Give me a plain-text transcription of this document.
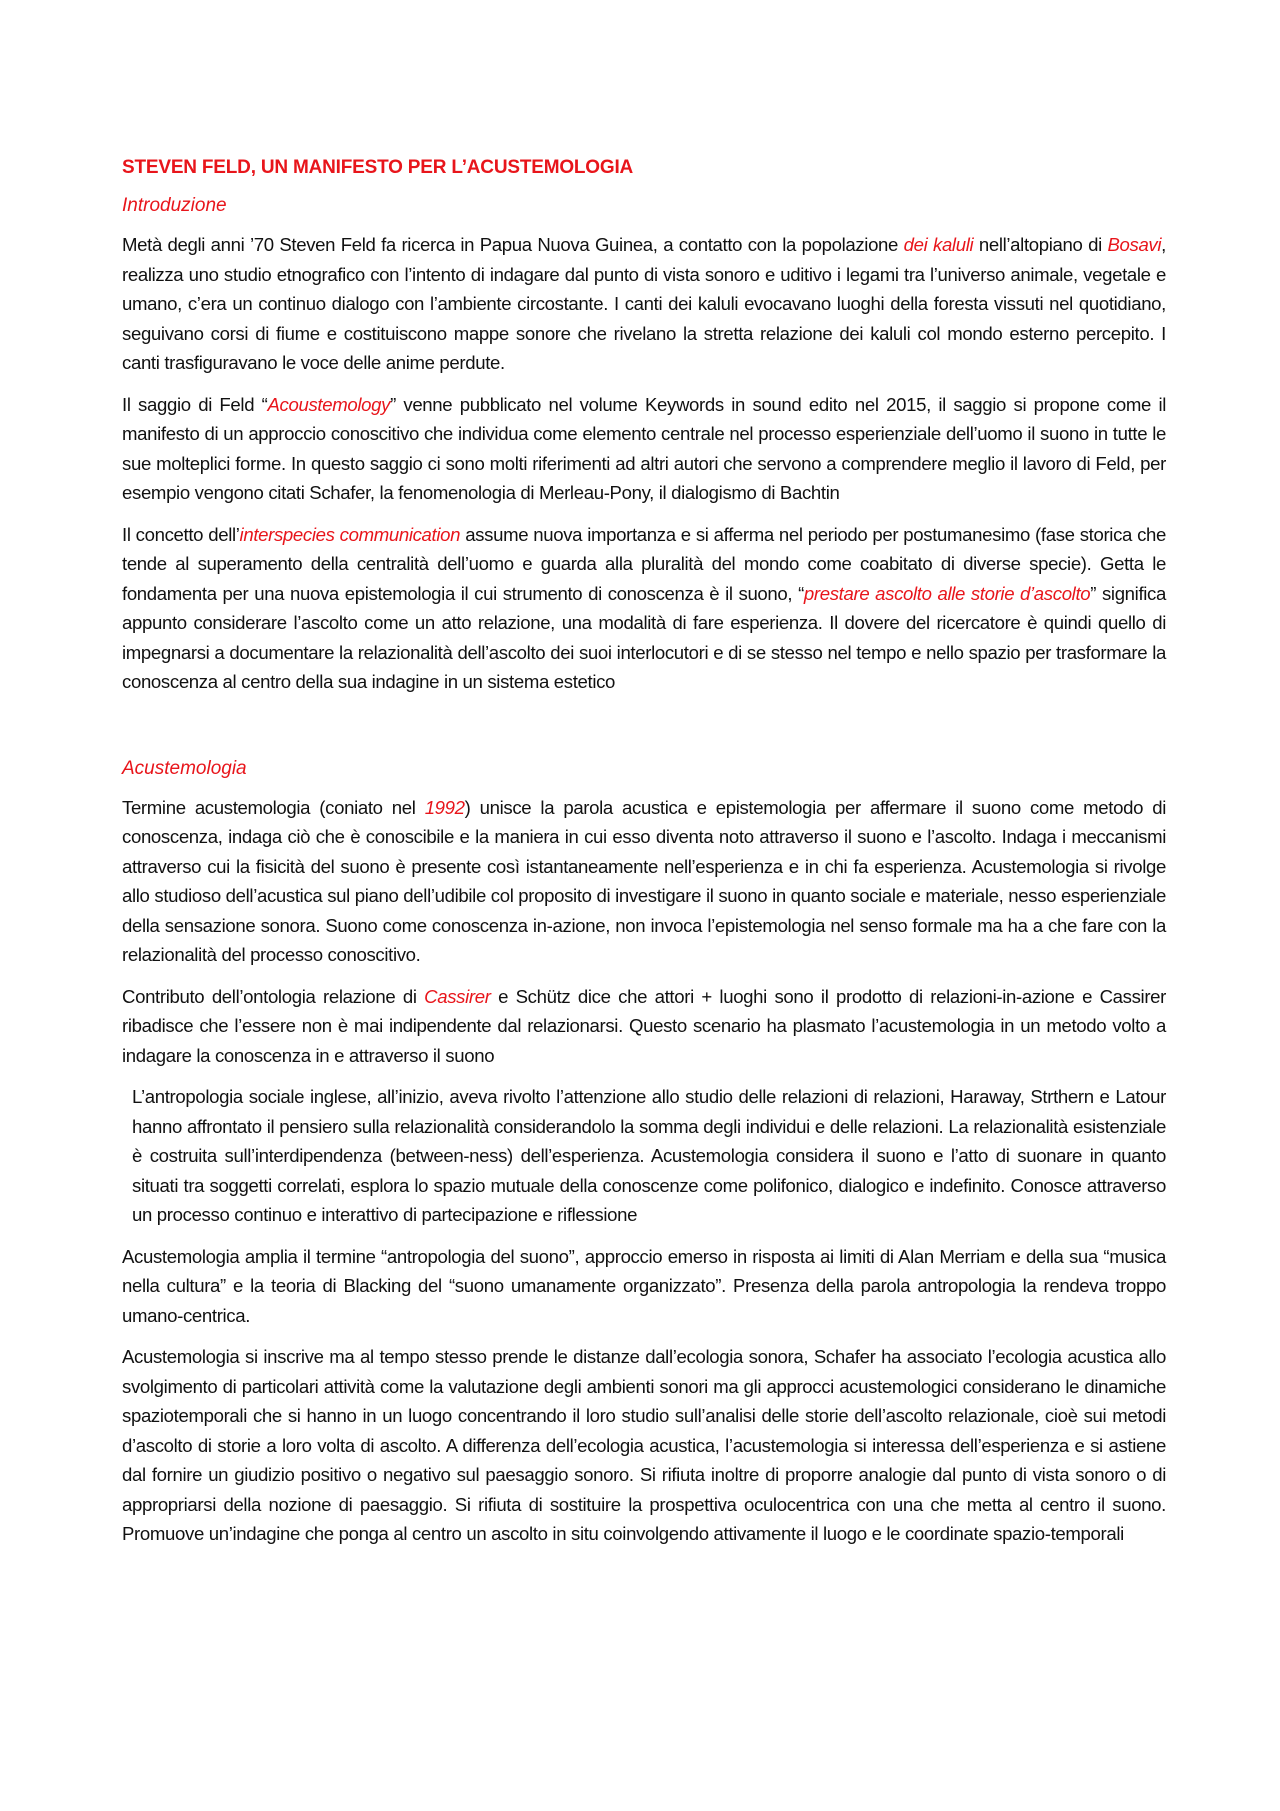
STEVEN FELD, UN MANIFESTO PER L’ACUSTEMOLOGIA
Introduzione

Metà degli anni ’70 Steven Feld fa ricerca in Papua Nuova Guinea, a contatto con la popolazione dei kaluli nell’altopiano di Bosavi, realizza uno studio etnografico con l’intento di indagare dal punto di vista sonoro e uditivo i legami tra l’universo animale, vegetale e umano, c’era un continuo dialogo con l’ambiente circostante. I canti dei kaluli evocavano luoghi della foresta vissuti nel quotidiano, seguivano corsi di fiume e costituiscono mappe sonore che rivelano la stretta relazione dei kaluli col mondo esterno percepito. I canti trasfiguravano le voce delle anime perdute.

Il saggio di Feld “Acoustemology” venne pubblicato nel volume Keywords in sound edito nel 2015, il saggio si propone come il manifesto di un approccio conoscitivo che individua come elemento centrale nel processo esperienziale dell’uomo il suono in tutte le sue molteplici forme. In questo saggio ci sono molti riferimenti ad altri autori che servono a comprendere meglio il lavoro di Feld, per esempio vengono citati Schafer, la fenomenologia di Merleau-Pony, il dialogismo di Bachtin

Il concetto dell’interspecies communication assume nuova importanza e si afferma nel periodo per postumanesimo (fase storica che tende al superamento della centralità dell’uomo e guarda alla pluralità del mondo come coabitato di diverse specie). Getta le fondamenta per una nuova epistemologia il cui strumento di conoscenza è il suono, “prestare ascolto alle storie d’ascolto” significa appunto considerare l’ascolto come un atto relazione, una modalità di fare esperienza. Il dovere del ricercatore è quindi quello di impegnarsi a documentare la relazionalità dell’ascolto dei suoi interlocutori e di se stesso nel tempo e nello spazio per trasformare la conoscenza al centro della sua indagine in un sistema estetico

Acustemologia

Termine acustemologia (coniato nel 1992) unisce la parola acustica e epistemologia per affermare il suono come metodo di conoscenza, indaga ciò che è conoscibile e la maniera in cui esso diventa noto attraverso il suono e l’ascolto. Indaga i meccanismi attraverso cui la fisicità del suono è presente così istantaneamente nell’esperienza e in chi fa esperienza. Acustemologia si rivolge allo studioso dell’acustica sul piano dell’udibile col proposito di investigare il suono in quanto sociale e materiale, nesso esperienziale della sensazione sonora. Suono come conoscenza in-azione, non invoca l’epistemologia nel senso formale ma ha a che fare con la relazionalità del processo conoscitivo.

Contributo dell’ontologia relazione di Cassirer e Schütz dice che attori + luoghi sono il prodotto di relazioni-in-azione e Cassirer ribadisce che l’essere non è mai indipendente dal relazionarsi. Questo scenario ha plasmato l’acustemologia in un metodo volto a indagare la conoscenza in e attraverso il suono

L’antropologia sociale inglese, all’inizio, aveva rivolto l’attenzione allo studio delle relazioni di relazioni, Haraway, Strthern e Latour hanno affrontato il pensiero sulla relazionalità considerandolo la somma degli individui e delle relazioni. La relazionalità esistenziale è costruita sull’interdipendenza (between-ness) dell’esperienza. Acustemologia considera il suono e l’atto di suonare in quanto situati tra soggetti correlati, esplora lo spazio mutuale della conoscenze come polifonico, dialogico e indefinito. Conosce attraverso un processo continuo e interattivo di partecipazione e riflessione

Acustemologia amplia il termine “antropologia del suono”, approccio emerso in risposta ai limiti di Alan Merriam e della sua “musica nella cultura” e la teoria di Blacking del “suono umanamente organizzato”. Presenza della parola antropologia la rendeva troppo umano-centrica.

Acustemologia si inscrive ma al tempo stesso prende le distanze dall’ecologia sonora, Schafer ha associato l’ecologia acustica allo svolgimento di particolari attività come la valutazione degli ambienti sonori ma gli approcci acustemologici considerano le dinamiche spaziotemporali che si hanno in un luogo concentrando il loro studio sull’analisi delle storie dell’ascolto relazionale, cioè sui metodi d’ascolto di storie a loro volta di ascolto. A differenza dell’ecologia acustica, l’acustemologia si interessa dell’esperienza e si astiene dal fornire un giudizio positivo o negativo sul paesaggio sonoro. Si rifiuta inoltre di proporre analogie dal punto di vista sonoro o di appropriarsi della nozione di paesaggio. Si rifiuta di sostituire la prospettiva oculocentrica con una che metta al centro il suono. Promuove un’indagine che ponga al centro un ascolto in situ coinvolgendo attivamente il luogo e le coordinate spazio-temporali
